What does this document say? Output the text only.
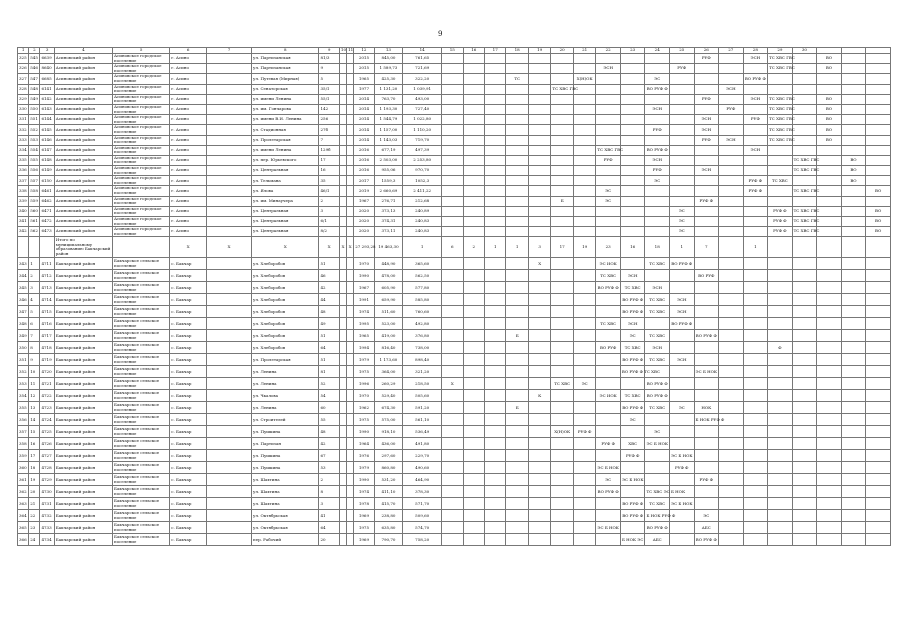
9
1	2	3	4	5	6	7	8	9	10	11	12	13	14	15	16	17	18	19	20	21	22	23	24	25	26	27	28	29	30			
325	545	6639	Асиновский район	Асиновское городское поселение	г. Асино		ул. Партизанская	81/3			2015	845,00	761,65												РУФ		ЭСН	ТС ХВС ГВС		ВО		
326	546	8640	Асиновский район	Асиновское городское поселение	г. Асино		ул. Партизанская	9			2015	1 589,73	721,69								ЭСН			РУФ				ТС ХВС ГВС		ВО		
327	547	6685	Асиновский район	Асиновское городское поселение	г. Асино		ул. Путевая (Мирная)	5			1965	425,30	322,20				ТС			Х(Н)ОК			ЭС				ВО РУФ Ф					
328	548	6141	Асиновский район	Асиновское городское поселение	г. Асино		ул. Сенаторская	35/1			1977	1 131,20	1 039,91						ТС ХВС ГВС				ВО РУФ Ф			ЭСН						
329	549	6142	Асиновский район	Асиновское городское поселение	г. Асино		ул. имени Ленина	55/1			2014	763,70	493,00												РУФ		ЭСН	ТС ХВС ГВС		ВО		
330	550	6143	Асиновский район	Асиновское городское поселение	г. Асино		ул. им. Гончарова	142			2014	1 193,30	727,40										ЭСН			РУФ		ТС ХВС ГВС		ВО		
331	551	6144	Асиновский район	Асиновское городское поселение	г. Асино		ул. имени В.И. Ленина	256			2014	1 544,79	1 022,80												ЭСН		РУФ	ТС ХВС ГВС		ВО		
332	552	6145	Асиновский район	Асиновское городское поселение	г. Асино		ул. Стадионная	27б			2014	1 157,00	1 110,20										РУФ		ЭСН			ТС ХВС ГВС		ВО		
333	553	6146	Асиновский район	Асиновское городское поселение	г. Асино		ул. Пролетарская	7			2014	1 143,03	719,70												РУФ	ЭСН		ТС ХВС ГВС		ВО		
334	554	6147	Асиновский район	Асиновское городское поселение	г. Асино		ул. имени Ленина	129б			2016	677,19	497,39								ТС ХВС ГВС		ВО РУФ Ф				ЭСН					
335	555	6148	Асиновский район	Асиновское городское поселение	г. Асино		ул. пер. Юрьевского	17			2016	2 503,00	2 253,80								РУФ		ЭСН						ТС ХВС ГВС		ВО	
336	556	6149	Асиновский район	Асиновское городское поселение	г. Асино		ул. Центральная	16			2016	955,06	970,70										РУФ		ЭСН				ТС ХВС ГВС		ВО	
337	557	6150	Асиновский район	Асиновское городское поселение	г. Асино		ул. Тельмана	35			2017	1559,3	1052,3										ЭС				РУФ Ф	ТС ХВС			ВО	
338	558	6461	Асиновский район	Асиновское городское поселение	г. Асино		ул. Ялова	46/1			2019	2 660,69	2 411,22								ЭС						РУФ Ф		ТС ХВС ГВС			ВО
339	559	6462	Асиновский район	Асиновское городское поселение	г. Асино		ул. им. Минаучера	2			1967	276,71	212,68						Б		ЭС				РУФ Ф							
340	560	6471	Асиновский район	Асиновское городское поселение	г. Асино		ул. Центральная	3			2020	373,13	240,89											ЭС				РУФ Ф	ТС ХВС ГВС			ВО
341	561	6472	Асиновский район	Асиновское городское поселение	г. Асино		ул. Центральная	6/1			2020	374,31	240,83											ЭС				РУФ Ф	ТС ХВС ГВС			ВО
342	562	6473	Асиновский район	Асиновское городское поселение	г. Асино		ул. Центральная	8/2			2020	373,11	240,83											ЭС				РУФ Ф	ТС ХВС ГВС			ВО
			Итого по муниципальному образованию Бакчарский район		Х	Х	Х	Х	Х	Х	27 293,28	19 463,30	1	6	2	1	1	3	17	19	23	16	18	1	7		1					
343	1	4711	Бакчарский район	Бакчарское сельское поселение	с. Бакчар		ул. Хлеборобов	51			1970	448,90	365,60					Х			ЭС ИОК		ТС ХВС	ВО РУФ Ф								
344	2	4712	Бакчарский район	Бакчарское сельское поселение	с. Бакчар		ул. Хлеборобов	46			1990	478,00	562,50								ТС ХВС	ЭСН			ВО РУФ							
345	3	4713	Бакчарский район	Бакчарское сельское поселение	с. Бакчар		ул. Хлеборобов	42			1967	605,90	577,80								ВО РУФ Ф	ТС ХВС	ЭСН									
346	4	4714	Бакчарский район	Бакчарское сельское поселение	с. Бакчар		ул. Хлеборобов	44			1991	659,90	585,80									ВО РУФ Ф	ТС ХВС	ЭСН								
347	5	4715	Бакчарский район	Бакчарское сельское поселение	с. Бакчар		ул. Хлеборобов	48			1974	511,60	760,60									ВО РУФ Ф	ТС ХВС	ЭСН								
348	6	4716	Бакчарский район	Бакчарское сельское поселение	с. Бакчар		ул. Хлеборобов	49			1995	523,00	492,80								ТС ХВС	ЭСН		ВО РУФ Ф								
349	7	4717	Бакчарский район	Бакчарское сельское поселение	с. Бакчар		ул. Хлеборобов	51			1965	419,00	376,80				Б					ЭС	ТС ХВС		ВО РУФ Ф							
350	8	4718	Бакчарский район	Бакчарское сельское поселение	с. Бакчар		ул. Хлеборобов	64			1994	816,40	738,00								ВО РУФ	ТС ХВС	ЭСН					Ф				
351	9	4719	Бакчарский район	Бакчарское сельское поселение	с. Бакчар		ул. Пролетарская	51			1979	1 173,60	898,40									ВО РУФ Ф	ТС ХВС	ЭСН								
352	10	4720	Бакчарский район	Бакчарское сельское поселение	с. Бакчар		ул. Ленина	81			1975	364,00	321,20									ВО РУФ Ф ТС ХВС			ЭС Б НОК							
353	11	4721	Бакчарский район	Бакчарское сельское поселение	с. Бакчар		ул. Ленина	52			1996	260,29	218,50	Х					ТС ХВС	ЭС			ВО РУФ Ф									
354	12	4722	Бакчарский район	Бакчарское сельское поселение	с. Бакчар		ул. Чкалова	54			1970	529,40	505,60					К			ЭС ИОК	ТС ХВС	ВО РУФ Ф									
355	13	4723	Бакчарский район	Бакчарское сельское поселение	с. Бакчар		ул. Ленина	60			1962	674,30	591,20				Б					ВО РУФ Ф	ТС ХВС	ЭС	НОК							
356	14	4724	Бакчарский район	Бакчарское сельское поселение	с. Бакчар		ул. Строителей	55			1975	575,00	561,10									ЭС			Б НОК РУФ Ф							
357	15	4725	Бакчарский район	Бакчарское сельское поселение	с. Бакчар		ул. Пушкина	48			1990	918,10	536,49						Х(Н)ОК	РУФ Ф			ЭС									
358	16	4726	Бакчарский район	Бакчарское сельское поселение	с. Бакчар		ул. Партизан	42			1964	436,00	491,80								РУФ Ф	ХВС	ЭС Б НОК									
359	17	4727	Бакчарский район	Бакчарское сельское поселение	с. Бакчар		ул. Пушкина	67			1976	297,60	229,70									РУФ Ф		ЭС Б НОК								
360	18	4728	Бакчарский район	Бакчарское сельское поселение	с. Бакчар		ул. Пушкина	53			1979	860,80	490,60								ЭС Б НОК			РУФ Ф								
361	19	4729	Бакчарский район	Бакчарское сельское поселение	с. Бакчар		ул. Шахтина	2			1990	531,20	464,90								ЭС	ЭС Б НОК			РУФ Ф							
362	20	4730	Бакчарский район	Бакчарское сельское поселение	с. Бакчар		ул. Шахтина	8			1974	411,10	378,30								ВО РУФ Ф		ТС ХВС ЭС Б НОК									
363	21	4731	Бакчарский район	Бакчарское сельское поселение	с. Бакчар		ул. Шахтина	3			1978	415,70	571,70									ВО РУФ Ф	ТС ХВС	ЭС Б НОК								
364	22	4732	Бакчарский район	Бакчарское сельское поселение	с. Бакчар		ул. Октябрьская	41			1969	238,80	509,60									ВО РУФ Ф	Б НОК РУФ Ф		ЭС							
365	23	4733	Бакчарский район	Бакчарское сельское поселение	с. Бакчар		ул. Октябрьская	64			1975	635,80	574,70								ЭС Б НОК		ВО РУФ Ф		АБС							
366	24	4734	Бакчарский район	Бакчарское сельское поселение	с. Бакчар		пер. Рабочий	20			1969	790,70	758,20									Б НОК ЭС	АБС		ВО РУФ Ф							
